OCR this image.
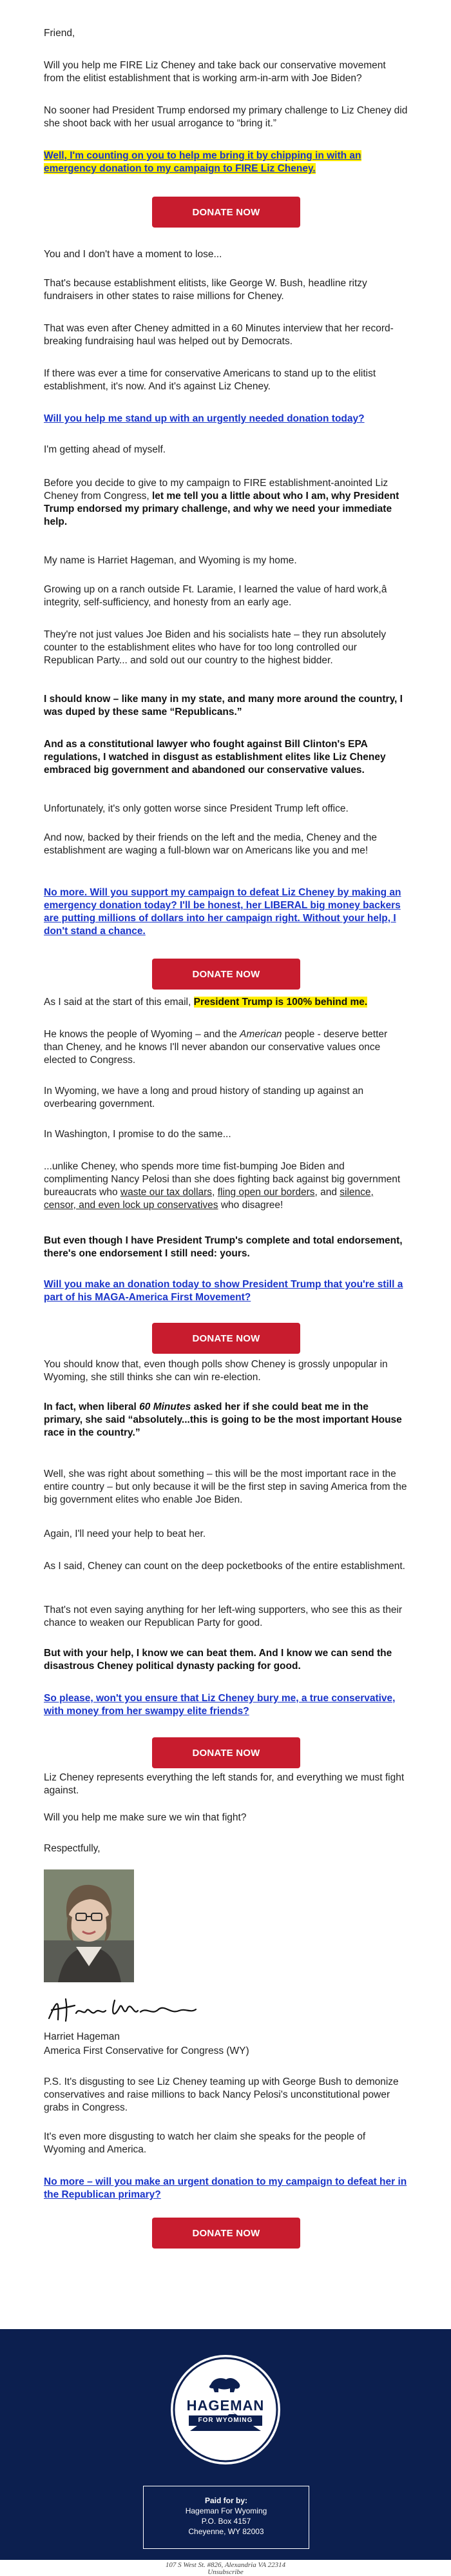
Friend,

Will you help me FIRE Liz Cheney and take back our conservative movement from the elitist establishment that is working arm-in-arm with Joe Biden?

No sooner had President Trump endorsed my primary challenge to Liz Cheney did she shoot back with her usual arrogance to “bring it.”

Well, I'm counting on you to help me bring it by chipping in with an emergency donation to my campaign to FIRE Liz Cheney.

DONATE NOW

You and I don't have a moment to lose...

That's because establishment elitists, like George W. Bush, headline ritzy fundraisers in other states to raise millions for Cheney.

That was even after Cheney admitted in a 60 Minutes interview that her record-breaking fundraising haul was helped out by Democrats.

If there was ever a time for conservative Americans to stand up to the elitist establishment, it's now. And it's against Liz Cheney.

Will you help me stand up with an urgently needed donation today?

I'm getting ahead of myself.

Before you decide to give to my campaign to FIRE establishment-anointed Liz Cheney from Congress, let me tell you a little about who I am, why President Trump endorsed my primary challenge, and why we need your immediate help.

My name is Harriet Hageman, and Wyoming is my home.

Growing up on a ranch outside Ft. Laramie, I learned the value of hard work,â integrity, self-sufficiency, and honesty from an early age.

They're not just values Joe Biden and his socialists hate – they run absolutely counter to the establishment elites who have for too long controlled our Republican Party... and sold out our country to the highest bidder.

I should know – like many in my state, and many more around the country, I was duped by these same “Republicans.”

And as a constitutional lawyer who fought against Bill Clinton's EPA regulations, I watched in disgust as establishment elites like Liz Cheney embraced big government and abandoned our conservative values.

Unfortunately, it's only gotten worse since President Trump left office.

And now, backed by their friends on the left and the media, Cheney and the establishment are waging a full-blown war on Americans like you and me!

No more. Will you support my campaign to defeat Liz Cheney by making an emergency donation today? I'll be honest, her LIBERAL big money backers are putting millions of dollars into her campaign right. Without your help, I don't stand a chance.

DONATE NOW

As I said at the start of this email, President Trump is 100% behind me.

He knows the people of Wyoming – and the American people - deserve better than Cheney, and he knows I'll never abandon our conservative values once elected to Congress.

In Wyoming, we have a long and proud history of standing up against an overbearing government.

In Washington, I promise to do the same...

...unlike Cheney, who spends more time fist-bumping Joe Biden and complimenting Nancy Pelosi than she does fighting back against big government bureaucrats who waste our tax dollars, fling open our borders, and silence, censor, and even lock up conservatives who disagree!

But even though I have President Trump's complete and total endorsement, there's one endorsement I still need: yours.

Will you make an donation today to show President Trump that you're still a part of his MAGA-America First Movement?

DONATE NOW

You should know that, even though polls show Cheney is grossly unpopular in Wyoming, she still thinks she can win re-election.

In fact, when liberal 60 Minutes asked her if she could beat me in the primary, she said “absolutely...this is going to be the most important House race in the country.”

Well, she was right about something – this will be the most important race in the entire country – but only because it will be the first step in saving America from the big government elites who enable Joe Biden.

Again, I'll need your help to beat her.

As I said, Cheney can count on the deep pocketbooks of the entire establishment.

That's not even saying anything for her left-wing supporters, who see this as their chance to weaken our Republican Party for good.

But with your help, I know we can beat them. And I know we can send the disastrous Cheney political dynasty packing for good.

So please, won't you ensure that Liz Cheney bury me, a true conservative, with money from her swampy elite friends?

DONATE NOW

Liz Cheney represents everything the left stands for, and everything we must fight against.

Will you help me make sure we win that fight?

Respectfully,

Harriet Hageman

America First Conservative for Congress (WY)

P.S. It's disgusting to see Liz Cheney teaming up with George Bush to demonize conservatives and raise millions to back Nancy Pelosi's unconstitutional power grabs in Congress.

It's even more disgusting to watch her claim she speaks for the people of Wyoming and America.

No more – will you make an urgent donation to my campaign to defeat her in the Republican primary?

DONATE NOW
HAGEMAN
FOR WYOMING
Paid for by:
Hageman For Wyoming
P.O. Box 4157
Cheyenne, WY 82003
107 S West St. #826, Alexandria VA 22314
Unsubscribe
